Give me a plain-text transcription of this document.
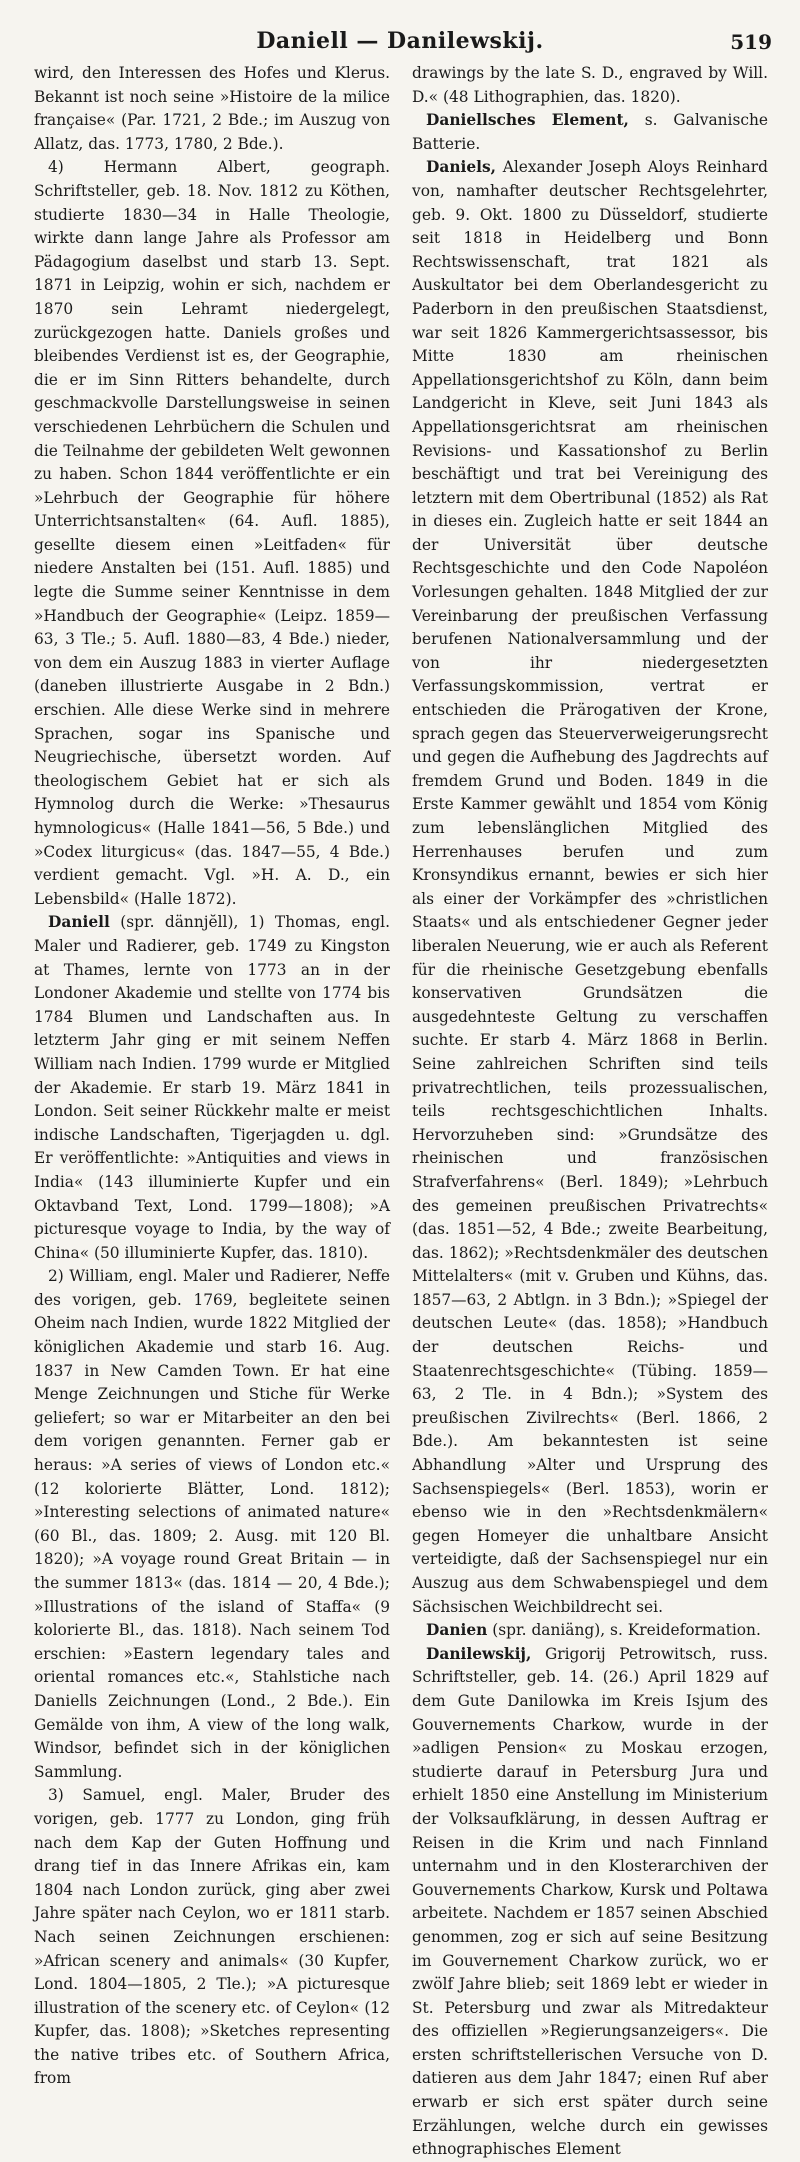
Daniell — Danilewskij.	519

wird, den Interessen des Hofes und Klerus. Bekannt ist noch seine »Histoire de la milice française« (Par. 1721, 2 Bde.; im Auszug von Allatz, das. 1773, 1780, 2 Bde.).

4) Hermann Albert, geograph. Schriftsteller, geb. 18. Nov. 1812 zu Köthen, studierte 1830—34 in Halle Theologie, wirkte dann lange Jahre als Professor am Pädagogium daselbst und starb 13. Sept. 1871 in Leipzig, wohin er sich, nachdem er 1870 sein Lehramt niedergelegt, zurückgezogen hatte. Daniels großes und bleibendes Verdienst ist es, der Geographie, die er im Sinn Ritters behandelte, durch geschmackvolle Darstellungsweise in seinen verschiedenen Lehrbüchern die Schulen und die Teilnahme der gebildeten Welt gewonnen zu haben. Schon 1844 veröffentlichte er ein »Lehrbuch der Geographie für höhere Unterrichtsanstalten« (64. Aufl. 1885), gesellte diesem einen »Leitfaden« für niedere Anstalten bei (151. Aufl. 1885) und legte die Summe seiner Kenntnisse in dem »Handbuch der Geographie« (Leipz. 1859—63, 3 Tle.; 5. Aufl. 1880—83, 4 Bde.) nieder, von dem ein Auszug 1883 in vierter Auflage (daneben illustrierte Ausgabe in 2 Bdn.) erschien. Alle diese Werke sind in mehrere Sprachen, sogar ins Spanische und Neugriechische, übersetzt worden. Auf theologischem Gebiet hat er sich als Hymnolog durch die Werke: »Thesaurus hymnologicus« (Halle 1841—56, 5 Bde.) und »Codex liturgicus« (das. 1847—55, 4 Bde.) verdient gemacht. Vgl. »H. A. D., ein Lebensbild« (Halle 1872).

Daniell (spr. dännjĕll), 1) Thomas, engl. Maler und Radierer, geb. 1749 zu Kingston at Thames, lernte von 1773 an in der Londoner Akademie und stellte von 1774 bis 1784 Blumen und Landschaften aus. In letzterm Jahr ging er mit seinem Neffen William nach Indien. 1799 wurde er Mitglied der Akademie. Er starb 19. März 1841 in London. Seit seiner Rückkehr malte er meist indische Landschaften, Tigerjagden u. dgl. Er veröffentlichte: »Antiquities and views in India« (143 illuminierte Kupfer und ein Oktavband Text, Lond. 1799—1808); »A picturesque voyage to India, by the way of China« (50 illuminierte Kupfer, das. 1810).

2) William, engl. Maler und Radierer, Neffe des vorigen, geb. 1769, begleitete seinen Oheim nach Indien, wurde 1822 Mitglied der königlichen Akademie und starb 16. Aug. 1837 in New Camden Town. Er hat eine Menge Zeichnungen und Stiche für Werke geliefert; so war er Mitarbeiter an den bei dem vorigen genannten. Ferner gab er heraus: »A series of views of London etc.« (12 kolorierte Blätter, Lond. 1812); »Interesting selections of animated nature« (60 Bl., das. 1809; 2. Ausg. mit 120 Bl. 1820); »A voyage round Great Britain — in the summer 1813« (das. 1814 — 20, 4 Bde.); »Illustrations of the island of Staffa« (9 kolorierte Bl., das. 1818). Nach seinem Tod erschien: »Eastern legendary tales and oriental romances etc.«, Stahlstiche nach Daniells Zeichnungen (Lond., 2 Bde.). Ein Gemälde von ihm, A view of the long walk, Windsor, befindet sich in der königlichen Sammlung.

3) Samuel, engl. Maler, Bruder des vorigen, geb. 1777 zu London, ging früh nach dem Kap der Guten Hoffnung und drang tief in das Innere Afrikas ein, kam 1804 nach London zurück, ging aber zwei Jahre später nach Ceylon, wo er 1811 starb. Nach seinen Zeichnungen erschienen: »African scenery and animals« (30 Kupfer, Lond. 1804—1805, 2 Tle.); »A picturesque illustration of the scenery etc. of Ceylon« (12 Kupfer, das. 1808); »Sketches representing the native tribes etc. of Southern Africa, from

drawings by the late S. D., engraved by Will. D.« (48 Lithographien, das. 1820).

Daniellsches Element, s. Galvanische Batterie.

Daniels, Alexander Joseph Aloys Reinhard von, namhafter deutscher Rechtsgelehrter, geb. 9. Okt. 1800 zu Düsseldorf, studierte seit 1818 in Heidelberg und Bonn Rechtswissenschaft, trat 1821 als Auskultator bei dem Oberlandesgericht zu Paderborn in den preußischen Staatsdienst, war seit 1826 Kammergerichtsassessor, bis Mitte 1830 am rheinischen Appellationsgerichtshof zu Köln, dann beim Landgericht in Kleve, seit Juni 1843 als Appellationsgerichtsrat am rheinischen Revisions- und Kassationshof zu Berlin beschäftigt und trat bei Vereinigung des letztern mit dem Obertribunal (1852) als Rat in dieses ein. Zugleich hatte er seit 1844 an der Universität über deutsche Rechtsgeschichte und den Code Napoléon Vorlesungen gehalten. 1848 Mitglied der zur Vereinbarung der preußischen Verfassung berufenen Nationalversammlung und der von ihr niedergesetzten Verfassungskommission, vertrat er entschieden die Prärogativen der Krone, sprach gegen das Steuerverweigerungsrecht und gegen die Aufhebung des Jagdrechts auf fremdem Grund und Boden. 1849 in die Erste Kammer gewählt und 1854 vom König zum lebenslänglichen Mitglied des Herrenhauses berufen und zum Kronsyndikus ernannt, bewies er sich hier als einer der Vorkämpfer des »christlichen Staats« und als entschiedener Gegner jeder liberalen Neuerung, wie er auch als Referent für die rheinische Gesetzgebung ebenfalls konservativen Grundsätzen die ausgedehnteste Geltung zu verschaffen suchte. Er starb 4. März 1868 in Berlin. Seine zahlreichen Schriften sind teils privatrechtlichen, teils prozessualischen, teils rechtsgeschichtlichen Inhalts. Hervorzuheben sind: »Grundsätze des rheinischen und französischen Strafverfahrens« (Berl. 1849); »Lehrbuch des gemeinen preußischen Privatrechts« (das. 1851—52, 4 Bde.; zweite Bearbeitung, das. 1862); »Rechtsdenkmäler des deutschen Mittelalters« (mit v. Gruben und Kühns, das. 1857—63, 2 Abtlgn. in 3 Bdn.); »Spiegel der deutschen Leute« (das. 1858); »Handbuch der deutschen Reichs- und Staatenrechtsgeschichte« (Tübing. 1859—63, 2 Tle. in 4 Bdn.); »System des preußischen Zivilrechts« (Berl. 1866, 2 Bde.). Am bekanntesten ist seine Abhandlung »Alter und Ursprung des Sachsenspiegels« (Berl. 1853), worin er ebenso wie in den »Rechtsdenkmälern« gegen Homeyer die unhaltbare Ansicht verteidigte, daß der Sachsenspiegel nur ein Auszug aus dem Schwabenspiegel und dem Sächsischen Weichbildrecht sei.

Danien (spr. daniäng), s. Kreideformation.

Danilewskij, Grigorij Petrowitsch, russ. Schriftsteller, geb. 14. (26.) April 1829 auf dem Gute Danilowka im Kreis Isjum des Gouvernements Charkow, wurde in der »adligen Pension« zu Moskau erzogen, studierte darauf in Petersburg Jura und erhielt 1850 eine Anstellung im Ministerium der Volksaufklärung, in dessen Auftrag er Reisen in die Krim und nach Finnland unternahm und in den Klosterarchiven der Gouvernements Charkow, Kursk und Poltawa arbeitete. Nachdem er 1857 seinen Abschied genommen, zog er sich auf seine Besitzung im Gouvernement Charkow zurück, wo er zwölf Jahre blieb; seit 1869 lebt er wieder in St. Petersburg und zwar als Mitredakteur des offiziellen »Regierungsanzeigers«. Die ersten schriftstellerischen Versuche von D. datieren aus dem Jahr 1847; einen Ruf aber erwarb er sich erst später durch seine Erzählungen, welche durch ein gewisses ethnographisches Element
